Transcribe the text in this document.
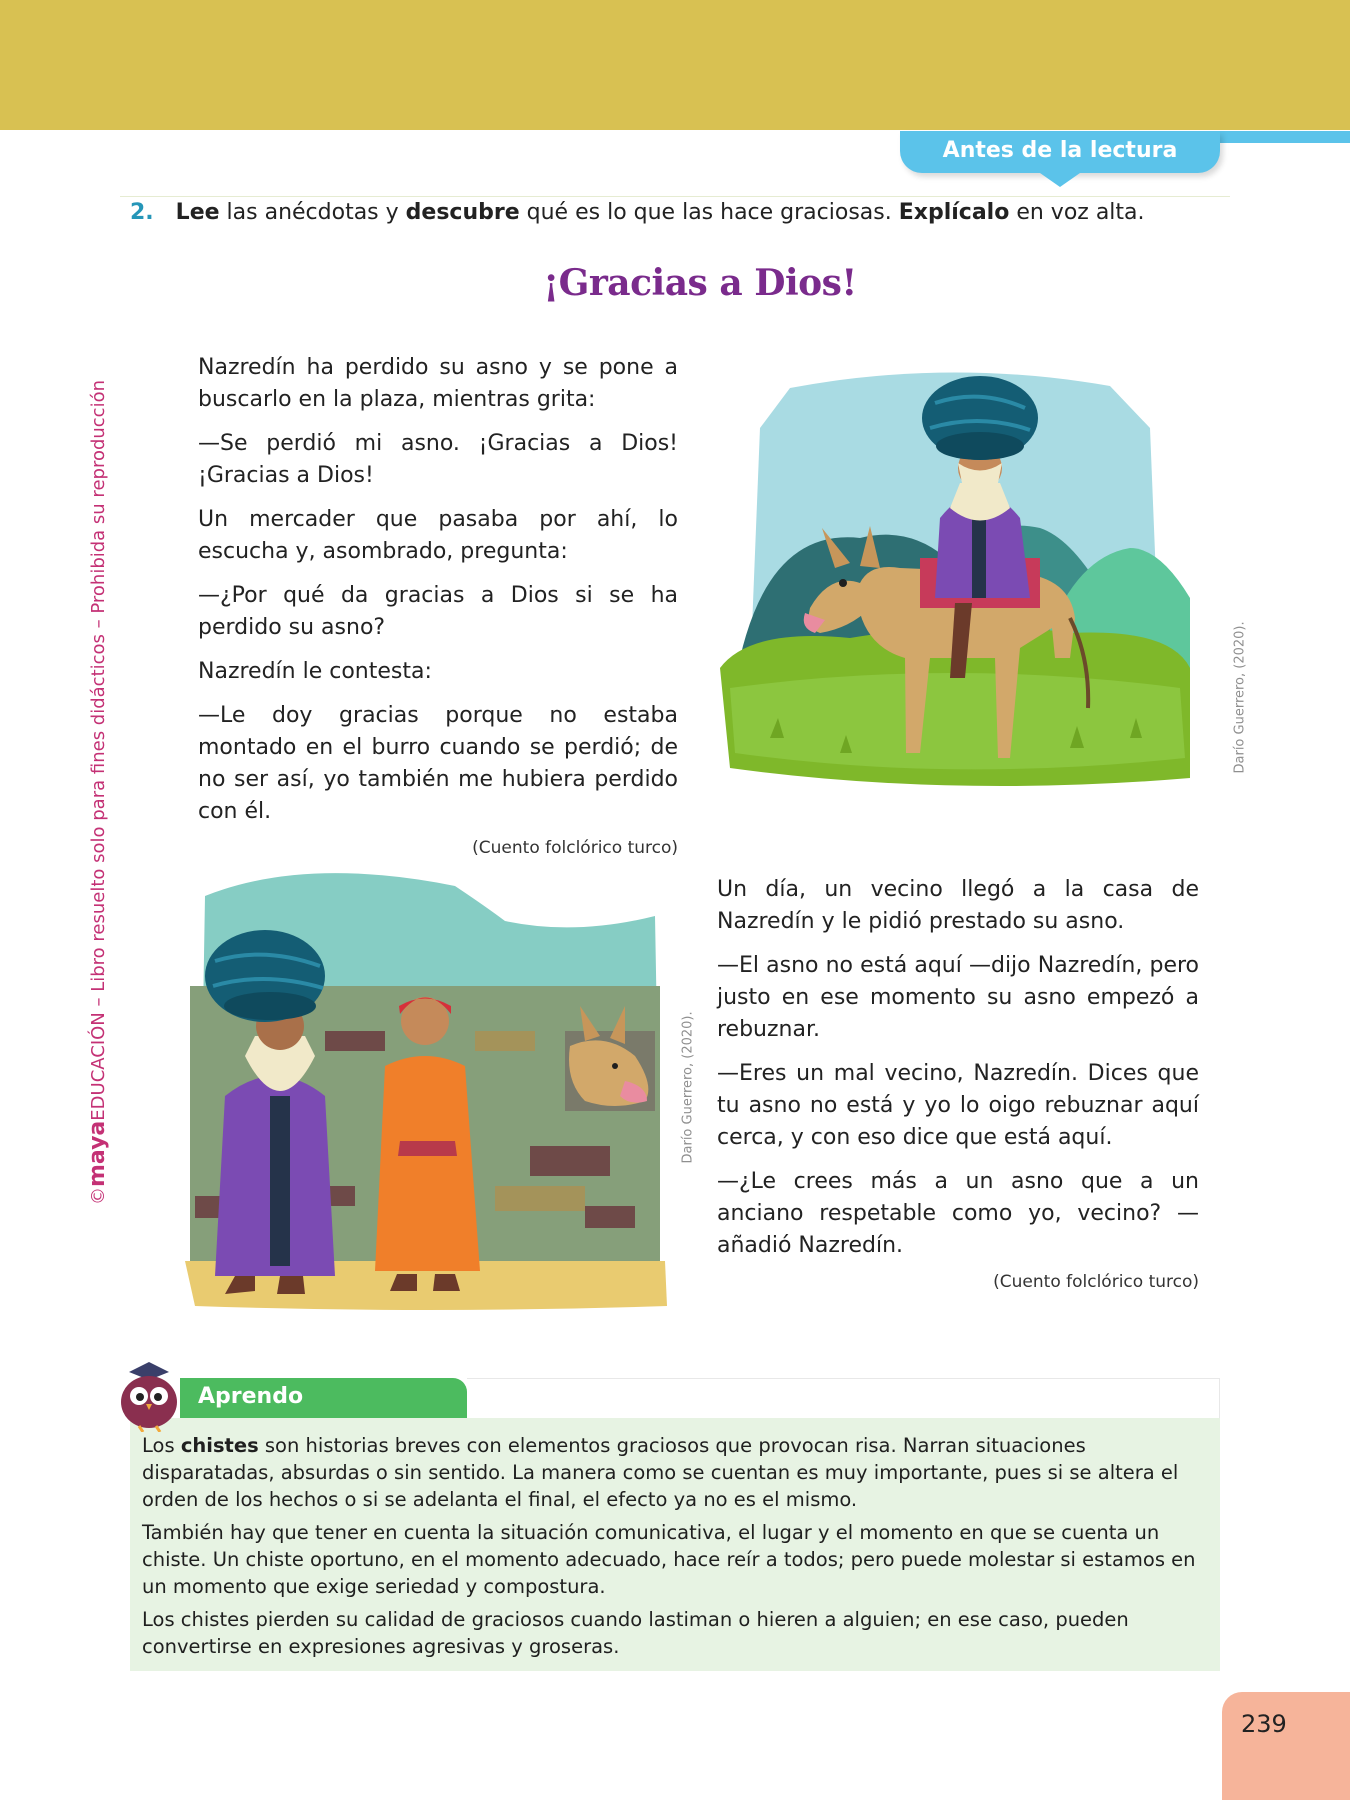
Antes de la lectura
2. Lee las anécdotas y descubre qué es lo que las hace graciosas. Explícalo en voz alta.
¡Gracias a Dios!

Nazredín ha perdido su asno y se pone a buscarlo en la plaza, mientras grita:

—Se perdió mi asno. ¡Gracias a Dios! ¡Gracias a Dios!

Un mercader que pasaba por ahí, lo escucha y, asombrado, pregunta:

—¿Por qué da gracias a Dios si se ha perdido su asno?

Nazredín le contesta:

—Le doy gracias porque no estaba montado en el burro cuando se perdió; de no ser así, yo también me hubiera perdido con él.

(Cuento folclórico turco)

Darío Guerrero, (2020).
Darío Guerrero, (2020).

Un día, un vecino llegó a la casa de Nazredín y le pidió prestado su asno.

—El asno no está aquí —dijo Nazredín, pero justo en ese momento su asno empezó a rebuznar.

—Eres un mal vecino, Nazredín. Dices que tu asno no está y yo lo oigo rebuznar aquí cerca, y con eso dice que está aquí.

—¿Le crees más a un asno que a un anciano respetable como yo, vecino? —añadió Nazredín.

(Cuento folclórico turco)

©mayaEDUCACIÓN – Libro resuelto solo para fines didácticos – Prohibida su reproducción
Aprendo

Los chistes son historias breves con elementos graciosos que provocan risa. Narran situaciones disparatadas, absurdas o sin sentido. La manera como se cuentan es muy importante, pues si se altera el orden de los hechos o si se adelanta el final, el efecto ya no es el mismo.

También hay que tener en cuenta la situación comunicativa, el lugar y el momento en que se cuenta un chiste. Un chiste oportuno, en el momento adecuado, hace reír a todos; pero puede molestar si estamos en un momento que exige seriedad y compostura.

Los chistes pierden su calidad de graciosos cuando lastiman o hieren a alguien; en ese caso, pueden convertirse en expresiones agresivas y groseras.

239
